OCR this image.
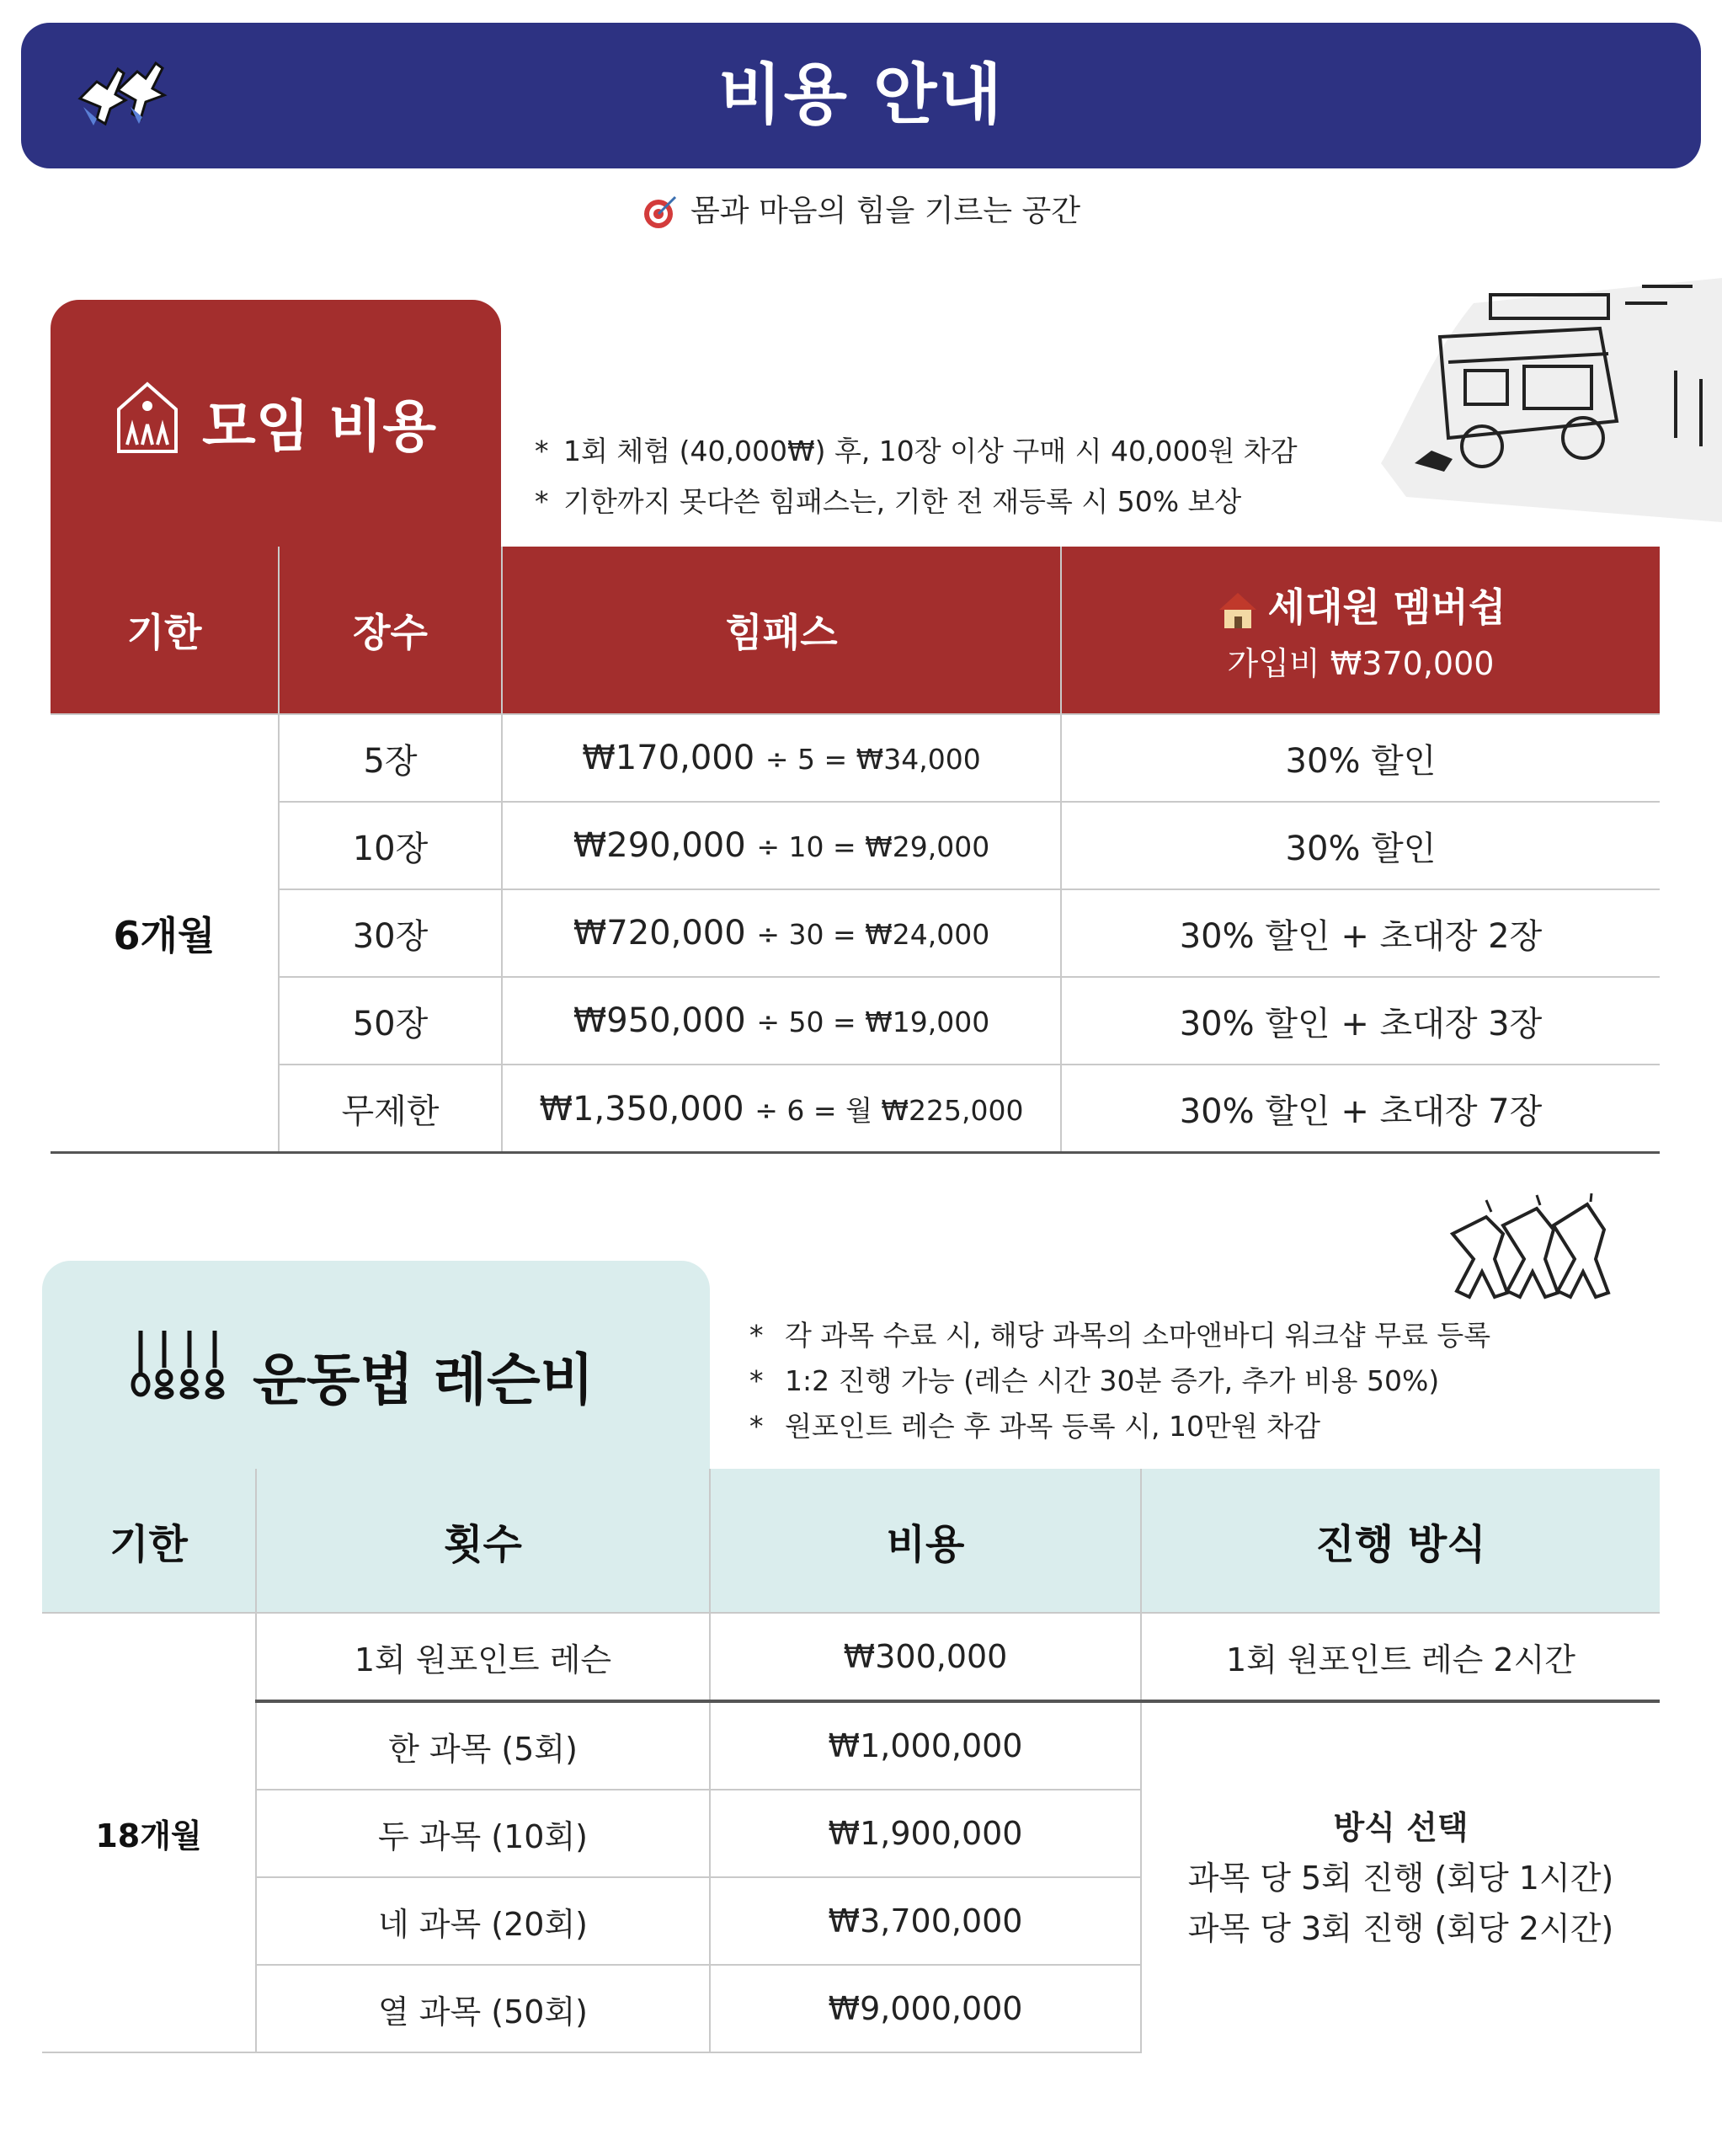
비용 안내
몸과 마음의 힘을 기르는 공간
모임 비용	* 1회 체험 (40,000₩) 후, 10장 이상 구매 시 40,000원 차감
* 기한까지 못다쓴 힘패스는, 기한 전 재등록 시 50% 보상
기한	장수	힘패스	세대원 멤버쉽
가입비 ₩370,000

6개월	5장	₩170,000 ÷ 5 = ₩34,000	30% 할인
	10장	₩290,000 ÷ 10 = ₩29,000	30% 할인
	30장	₩720,000 ÷ 30 = ₩24,000	30% 할인 + 초대장 2장
	50장	₩950,000 ÷ 50 = ₩19,000	30% 할인 + 초대장 3장
	무제한	₩1,350,000 ÷ 6 = 월 ₩225,000	30% 할인 + 초대장 7장
운동법 레슨비
* 각 과목 수료 시, 해당 과목의 소마앤바디 워크샵 무료 등록
* 1:2 진행 가능 (레슨 시간 30분 증가, 추가 비용 50%)
* 원포인트 레슨 후 과목 등록 시, 10만원 차감
기한	횟수	비용	진행 방식
18개월	1회 원포인트 레슨	₩300,000	1회 원포인트 레슨 2시간
	한 과목 (5회)	₩1,000,000	방식 선택
과목 당 5회 진행 (회당 1시간)
과목 당 3회 진행 (회당 2시간)

	두 과목 (10회)	₩1,900,000	
	네 과목 (20회)	₩3,700,000	
	열 과목 (50회)	₩9,000,000	
